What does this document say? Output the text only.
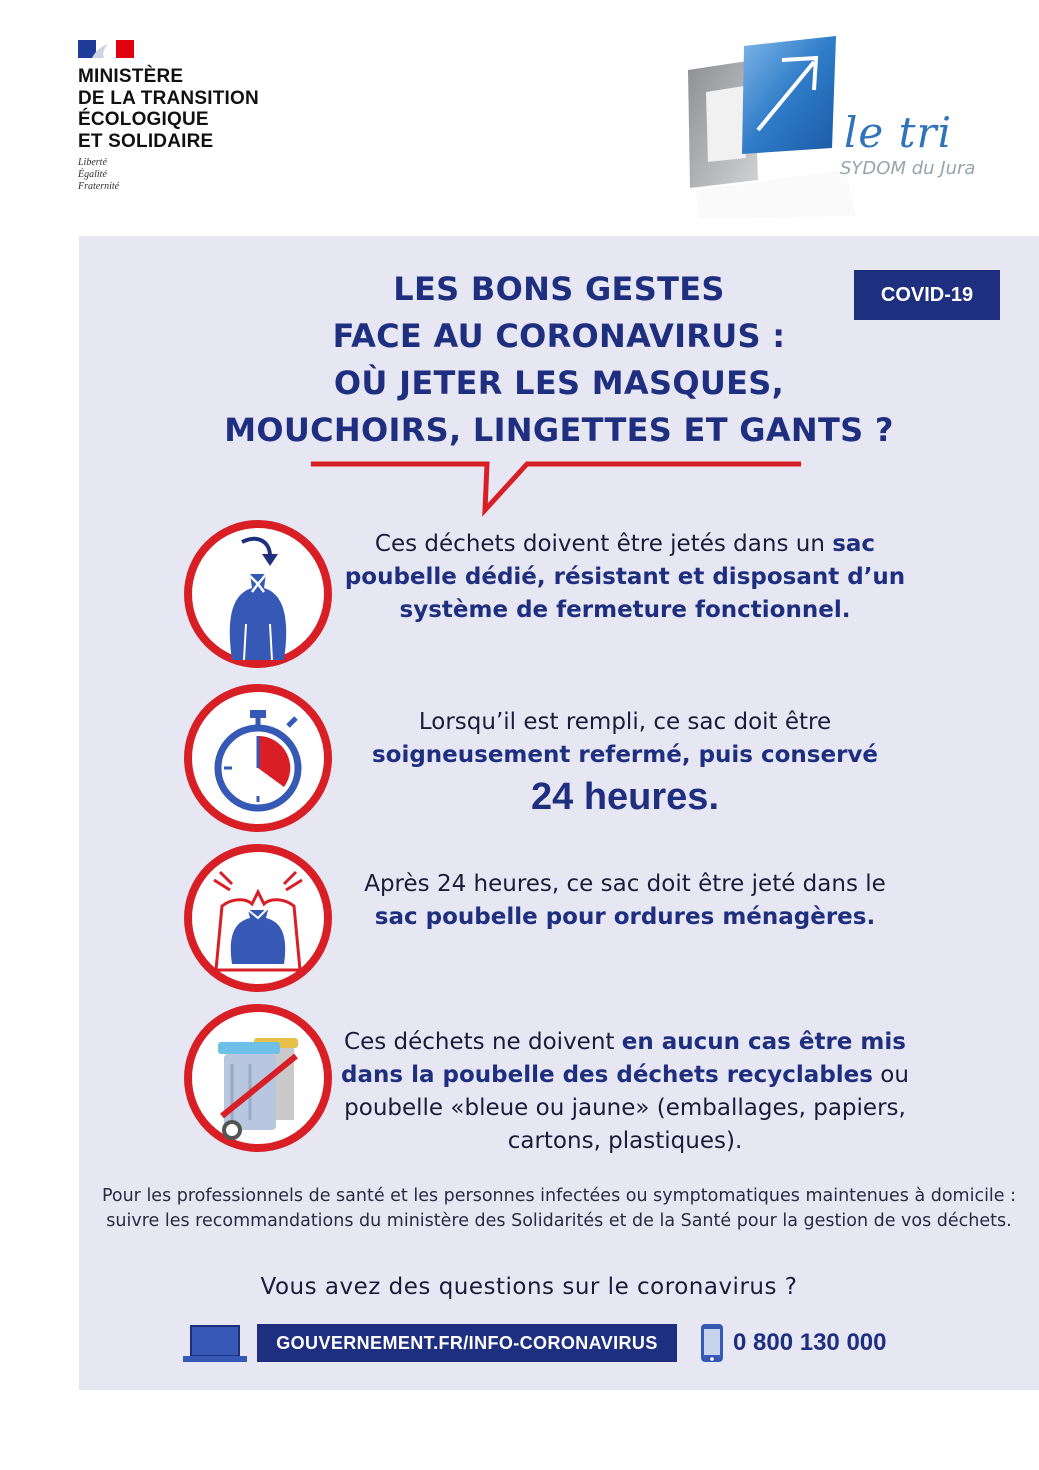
MINISTÈRE
DE LA TRANSITION
ÉCOLOGIQUE
ET SOLIDAIRE
Liberté
Égalité
Fraternité
le tri
SYDOM du Jura
COVID-19
LES BONS GESTES
FACE AU CORONAVIRUS :
OÙ JETER LES MASQUES,
MOUCHOIRS, LINGETTES ET GANTS ?
Ces déchets doivent être jetés dans un sac poubelle dédié, résistant et disposant d’un système de fermeture fonctionnel.
Lorsqu’il est rempli, ce sac doit être soigneusement refermé, puis conservé
24 heures.
Après 24 heures, ce sac doit être jeté dans le sac poubelle pour ordures ménagères.
Ces déchets ne doivent en aucun cas être mis dans la poubelle des déchets recyclables ou poubelle «bleue ou jaune» (emballages, papiers, cartons, plastiques).
Pour les professionnels de santé et les personnes infectées ou symptomatiques maintenues à domicile : suivre les recommandations du ministère des Solidarités et de la Santé pour la gestion de vos déchets.
Vous avez des questions sur le coronavirus ?
GOUVERNEMENT.FR/INFO-CORONAVIRUS	0 800 130 000
